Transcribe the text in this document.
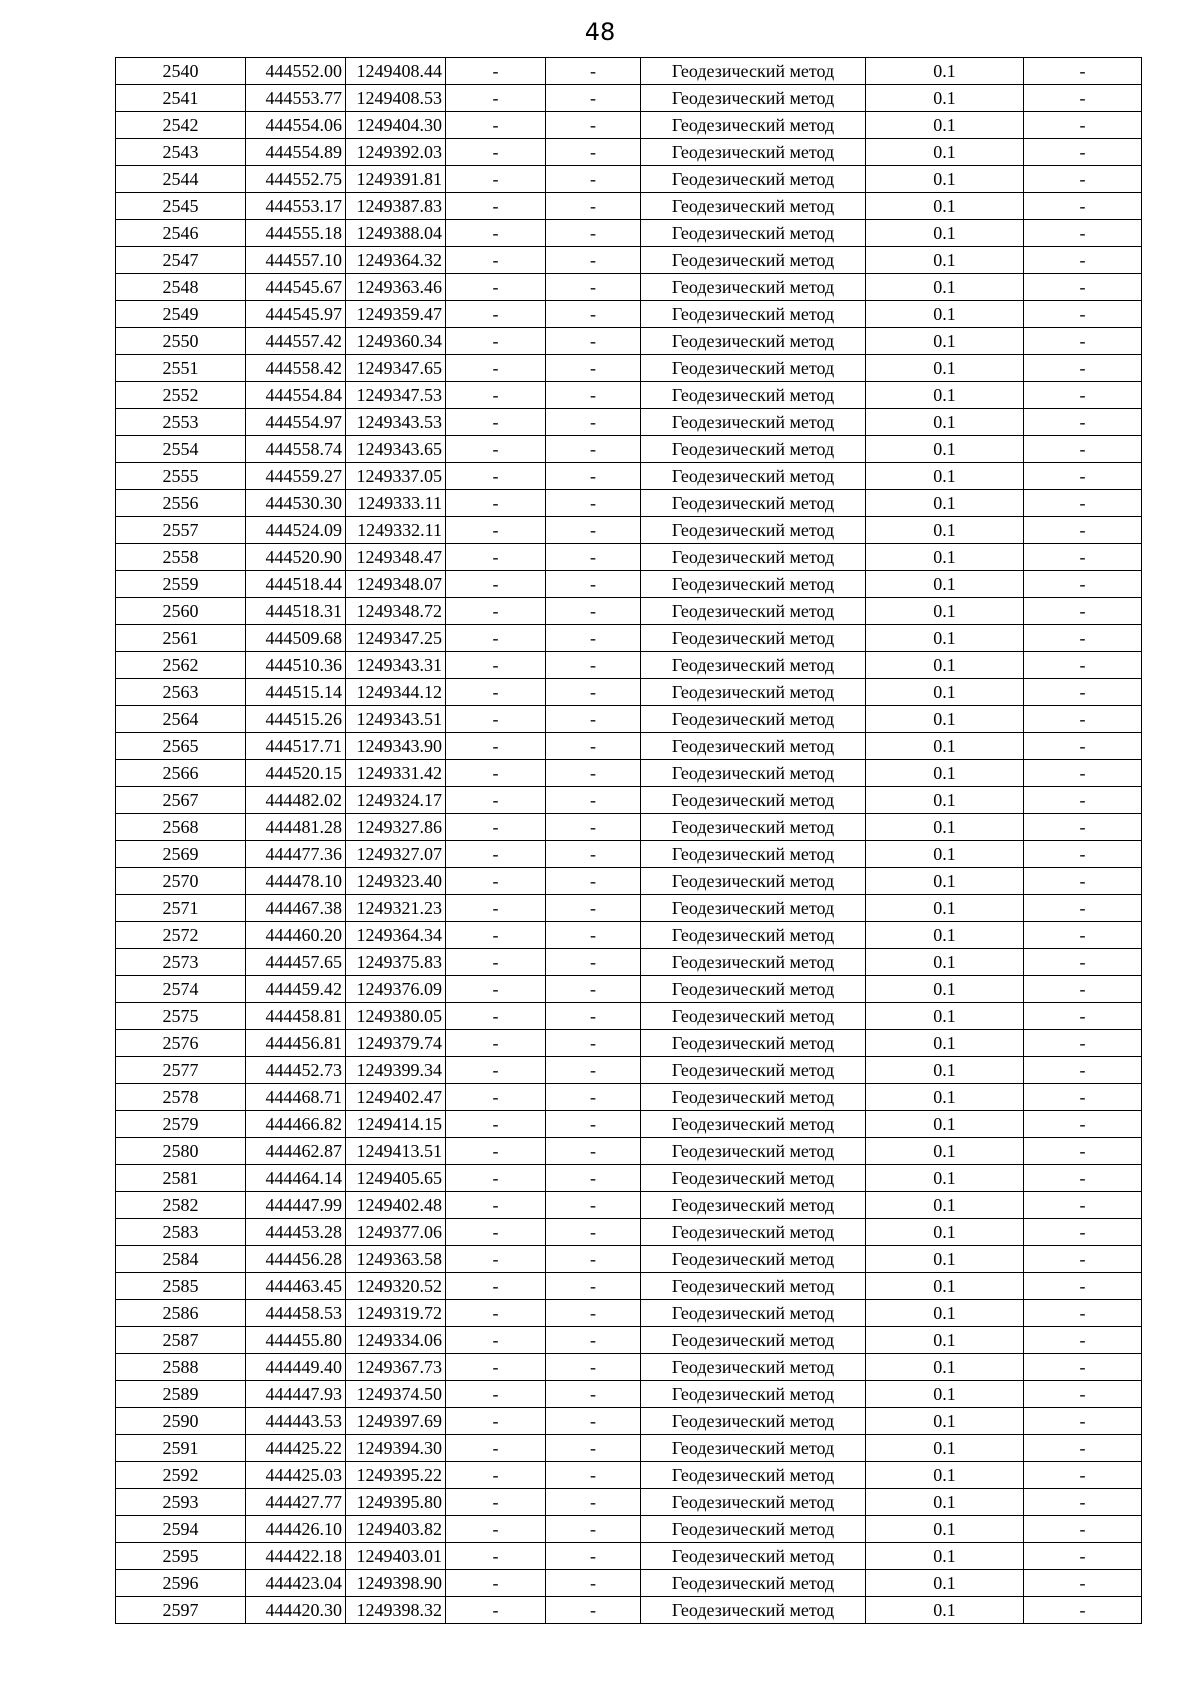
48
2540	444552.00	1249408.44	-	-	Геодезический метод	0.1	-
2541	444553.77	1249408.53	-	-	Геодезический метод	0.1	-
2542	444554.06	1249404.30	-	-	Геодезический метод	0.1	-
2543	444554.89	1249392.03	-	-	Геодезический метод	0.1	-
2544	444552.75	1249391.81	-	-	Геодезический метод	0.1	-
2545	444553.17	1249387.83	-	-	Геодезический метод	0.1	-
2546	444555.18	1249388.04	-	-	Геодезический метод	0.1	-
2547	444557.10	1249364.32	-	-	Геодезический метод	0.1	-
2548	444545.67	1249363.46	-	-	Геодезический метод	0.1	-
2549	444545.97	1249359.47	-	-	Геодезический метод	0.1	-
2550	444557.42	1249360.34	-	-	Геодезический метод	0.1	-
2551	444558.42	1249347.65	-	-	Геодезический метод	0.1	-
2552	444554.84	1249347.53	-	-	Геодезический метод	0.1	-
2553	444554.97	1249343.53	-	-	Геодезический метод	0.1	-
2554	444558.74	1249343.65	-	-	Геодезический метод	0.1	-
2555	444559.27	1249337.05	-	-	Геодезический метод	0.1	-
2556	444530.30	1249333.11	-	-	Геодезический метод	0.1	-
2557	444524.09	1249332.11	-	-	Геодезический метод	0.1	-
2558	444520.90	1249348.47	-	-	Геодезический метод	0.1	-
2559	444518.44	1249348.07	-	-	Геодезический метод	0.1	-
2560	444518.31	1249348.72	-	-	Геодезический метод	0.1	-
2561	444509.68	1249347.25	-	-	Геодезический метод	0.1	-
2562	444510.36	1249343.31	-	-	Геодезический метод	0.1	-
2563	444515.14	1249344.12	-	-	Геодезический метод	0.1	-
2564	444515.26	1249343.51	-	-	Геодезический метод	0.1	-
2565	444517.71	1249343.90	-	-	Геодезический метод	0.1	-
2566	444520.15	1249331.42	-	-	Геодезический метод	0.1	-
2567	444482.02	1249324.17	-	-	Геодезический метод	0.1	-
2568	444481.28	1249327.86	-	-	Геодезический метод	0.1	-
2569	444477.36	1249327.07	-	-	Геодезический метод	0.1	-
2570	444478.10	1249323.40	-	-	Геодезический метод	0.1	-
2571	444467.38	1249321.23	-	-	Геодезический метод	0.1	-
2572	444460.20	1249364.34	-	-	Геодезический метод	0.1	-
2573	444457.65	1249375.83	-	-	Геодезический метод	0.1	-
2574	444459.42	1249376.09	-	-	Геодезический метод	0.1	-
2575	444458.81	1249380.05	-	-	Геодезический метод	0.1	-
2576	444456.81	1249379.74	-	-	Геодезический метод	0.1	-
2577	444452.73	1249399.34	-	-	Геодезический метод	0.1	-
2578	444468.71	1249402.47	-	-	Геодезический метод	0.1	-
2579	444466.82	1249414.15	-	-	Геодезический метод	0.1	-
2580	444462.87	1249413.51	-	-	Геодезический метод	0.1	-
2581	444464.14	1249405.65	-	-	Геодезический метод	0.1	-
2582	444447.99	1249402.48	-	-	Геодезический метод	0.1	-
2583	444453.28	1249377.06	-	-	Геодезический метод	0.1	-
2584	444456.28	1249363.58	-	-	Геодезический метод	0.1	-
2585	444463.45	1249320.52	-	-	Геодезический метод	0.1	-
2586	444458.53	1249319.72	-	-	Геодезический метод	0.1	-
2587	444455.80	1249334.06	-	-	Геодезический метод	0.1	-
2588	444449.40	1249367.73	-	-	Геодезический метод	0.1	-
2589	444447.93	1249374.50	-	-	Геодезический метод	0.1	-
2590	444443.53	1249397.69	-	-	Геодезический метод	0.1	-
2591	444425.22	1249394.30	-	-	Геодезический метод	0.1	-
2592	444425.03	1249395.22	-	-	Геодезический метод	0.1	-
2593	444427.77	1249395.80	-	-	Геодезический метод	0.1	-
2594	444426.10	1249403.82	-	-	Геодезический метод	0.1	-
2595	444422.18	1249403.01	-	-	Геодезический метод	0.1	-
2596	444423.04	1249398.90	-	-	Геодезический метод	0.1	-
2597	444420.30	1249398.32	-	-	Геодезический метод	0.1	-
